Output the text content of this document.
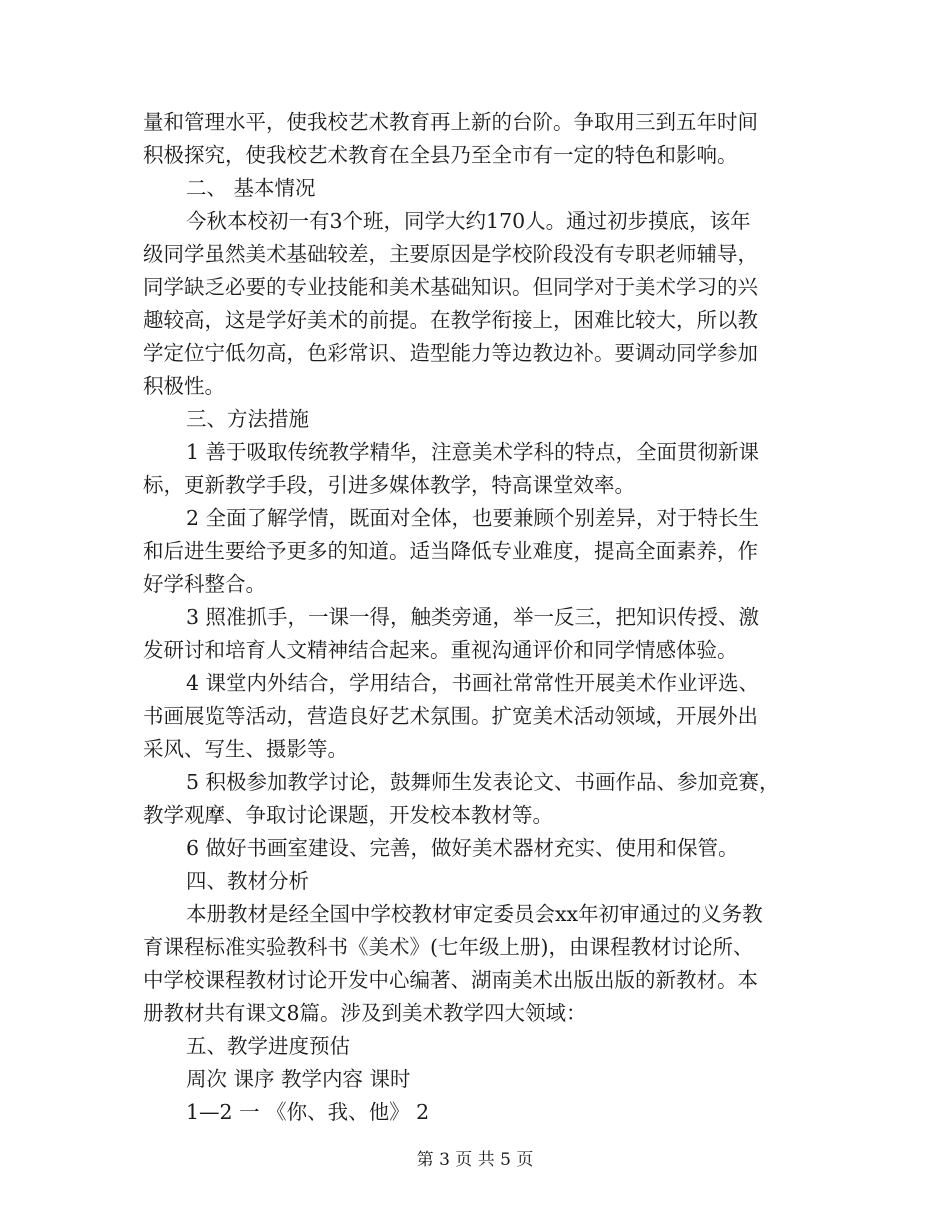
量和管理水平，使我校艺术教育再上新的台阶。争取用三到五年时间
积极探究，使我校艺术教育在全县乃至全市有一定的特色和影响。
二、 基本情况
今秋本校初一有3个班，同学大约170人。通过初步摸底，该年
级同学虽然美术基础较差，主要原因是学校阶段没有专职老师辅导，
同学缺乏必要的专业技能和美术基础知识。但同学对于美术学习的兴
趣较高，这是学好美术的前提。在教学衔接上，困难比较大，所以教
学定位宁低勿高，色彩常识、造型能力等边教边补。要调动同学参加
积极性。
三、方法措施
1 善于吸取传统教学精华，注意美术学科的特点，全面贯彻新课
标，更新教学手段，引进多媒体教学，特高课堂效率。
2 全面了解学情，既面对全体，也要兼顾个别差异，对于特长生
和后进生要给予更多的知道。适当降低专业难度，提高全面素养，作
好学科整合。
3 照准抓手，一课一得，触类旁通，举一反三，把知识传授、激
发研讨和培育人文精神结合起来。重视沟通评价和同学情感体验。
4 课堂内外结合，学用结合，书画社常常性开展美术作业评选、
书画展览等活动，营造良好艺术氛围。扩宽美术活动领域，开展外出
采风、写生、摄影等。
5 积极参加教学讨论，鼓舞师生发表论文、书画作品、参加竞赛，
教学观摩、争取讨论课题，开发校本教材等。
6 做好书画室建设、完善，做好美术器材充实、使用和保管。
四、教材分析
本册教材是经全国中学校教材审定委员会xx年初审通过的义务教
育课程标准实验教科书《美术》(七年级上册)，由课程教材讨论所、
中学校课程教材讨论开发中心编著、湖南美术出版出版的新教材。本
册教材共有课文8篇。涉及到美术教学四大领域：
五、教学进度预估
周次 课序 教学内容 课时
1—2 一 《你、我、他》 2
第 3 页 共 5 页
